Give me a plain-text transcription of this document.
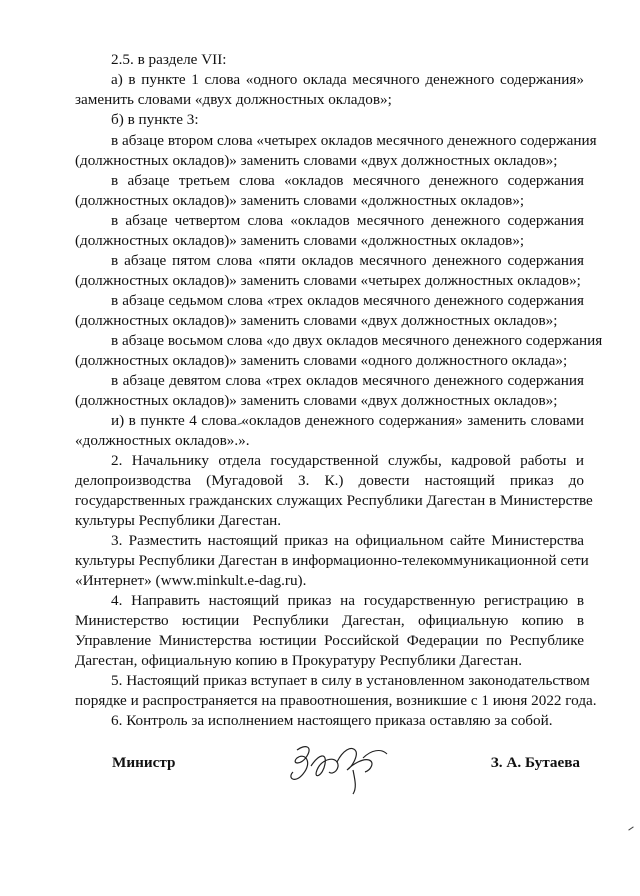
2.5. в разделе VII:
а) в пункте 1 слова «одного оклада месячного денежного содержания»
заменить словами «двух должностных окладов»;
б) в пункте 3:
в абзаце втором слова «четырех окладов месячного денежного содержания
(должностных окладов)» заменить словами «двух должностных окладов»;
в абзаце третьем слова «окладов месячного денежного содержания
(должностных окладов)» заменить словами «должностных окладов»;
в абзаце четвертом слова «окладов месячного денежного содержания
(должностных окладов)» заменить словами «должностных окладов»;
в абзаце пятом слова «пяти окладов месячного денежного содержания
(должностных окладов)» заменить словами «четырех должностных окладов»;
в абзаце седьмом слова «трех окладов месячного денежного содержания
(должностных окладов)» заменить словами «двух должностных окладов»;
в абзаце восьмом слова «до двух окладов месячного денежного содержания
(должностных окладов)» заменить словами «одного должностного оклада»;
в абзаце девятом слова «трех окладов месячного денежного содержания
(должностных окладов)» заменить словами «двух должностных окладов»;
и) в пункте 4 слова «окладов денежного содержания» заменить словами
«должностных окладов».».
2. Начальнику отдела государственной службы, кадровой работы и
делопроизводства (Мугадовой З. К.) довести настоящий приказ до
государственных гражданских служащих Республики Дагестан в Министерстве
культуры Республики Дагестан.
3. Разместить настоящий приказ на официальном сайте Министерства
культуры Республики Дагестан в информационно-телекоммуникационной сети
«Интернет» (www.minkult.e-dag.ru).
4. Направить настоящий приказ на государственную регистрацию в
Министерство юстиции Республики Дагестан, официальную копию в
Управление Министерства юстиции Российской Федерации по Республике
Дагестан, официальную копию в Прокуратуру Республики Дагестан.
5. Настоящий приказ вступает в силу в установленном законодательством
порядке и распространяется на правоотношения, возникшие с 1 июня 2022 года.
6. Контроль за исполнением настоящего приказа оставляю за собой.
Министр	З. А. Бутаева
